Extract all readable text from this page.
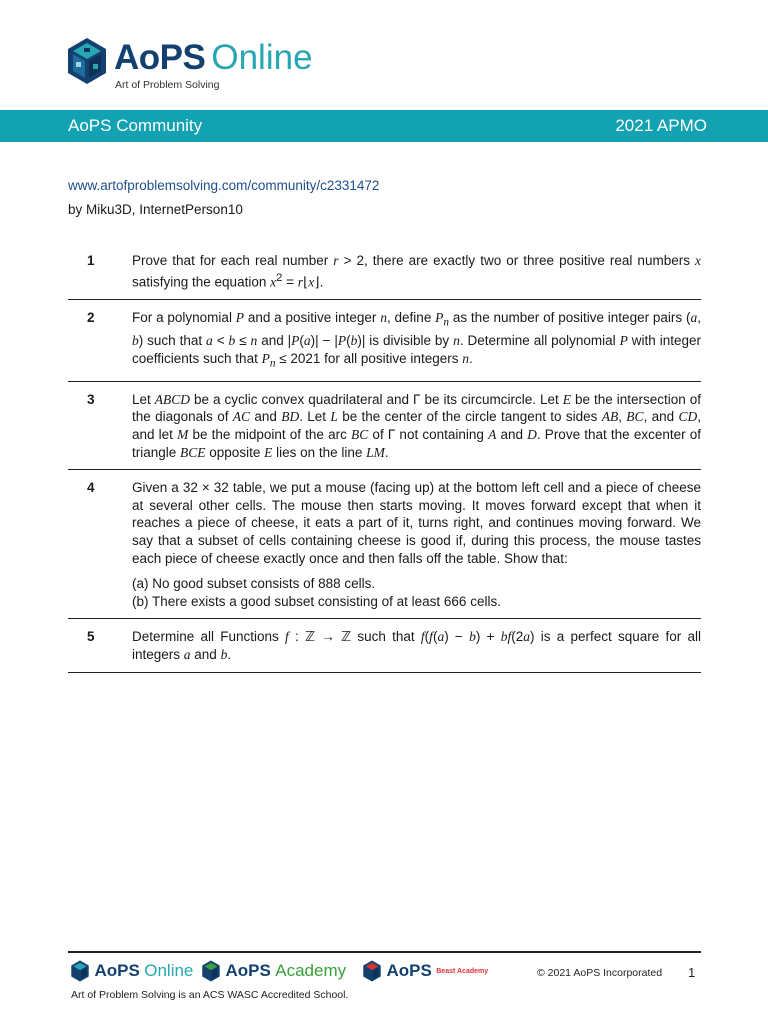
AoPS Online
Art of Problem Solving
AoPS Community	2021 APMO
www.artofproblemsolving.com/community/c2331472
by Miku3D, InternetPerson10
1	Prove that for each real number r > 2, there are exactly two or three positive real numbers x satisfying the equation $x^2$ = r⌊x⌋.
2	For a polynomial P and a positive integer n, define $P_n$ as the number of positive integer pairs (a, b) such that a < b ≤ n and |P(a)| − |P(b)| is divisible by n. Determine all polynomial P with integer coefficients such that $P_n \le 2021$ for all positive integers n.
3	Let ABCD be a cyclic convex quadrilateral and Γ be its circumcircle. Let E be the intersection of the diagonals of AC and BD. Let L be the center of the circle tangent to sides AB, BC, and CD, and let M be the midpoint of the arc BC of Γ not containing A and D. Prove that the excenter of triangle BCE opposite E lies on the line LM.
4	Given a 32 × 32 table, we put a mouse (facing up) at the bottom left cell and a piece of cheese at several other cells. The mouse then starts moving. It moves forward except that when it reaches a piece of cheese, it eats a part of it, turns right, and continues moving forward. We say that a subset of cells containing cheese is good if, during this process, the mouse tastes each piece of cheese exactly once and then falls off the table. Show that:

(a) No good subset consists of 888 cells.
(b) There exists a good subset consisting of at least 666 cells.

5	Determine all Functions f : ℤ → ℤ such that f(f(a) − b) + bf(2a) is a perfect square for all integers a and b.
AoPS Online	AoPS Academy	AoPS Beast Academy	© 2021 AoPS Incorporated 1
Art of Problem Solving is an ACS WASC Accredited School.
